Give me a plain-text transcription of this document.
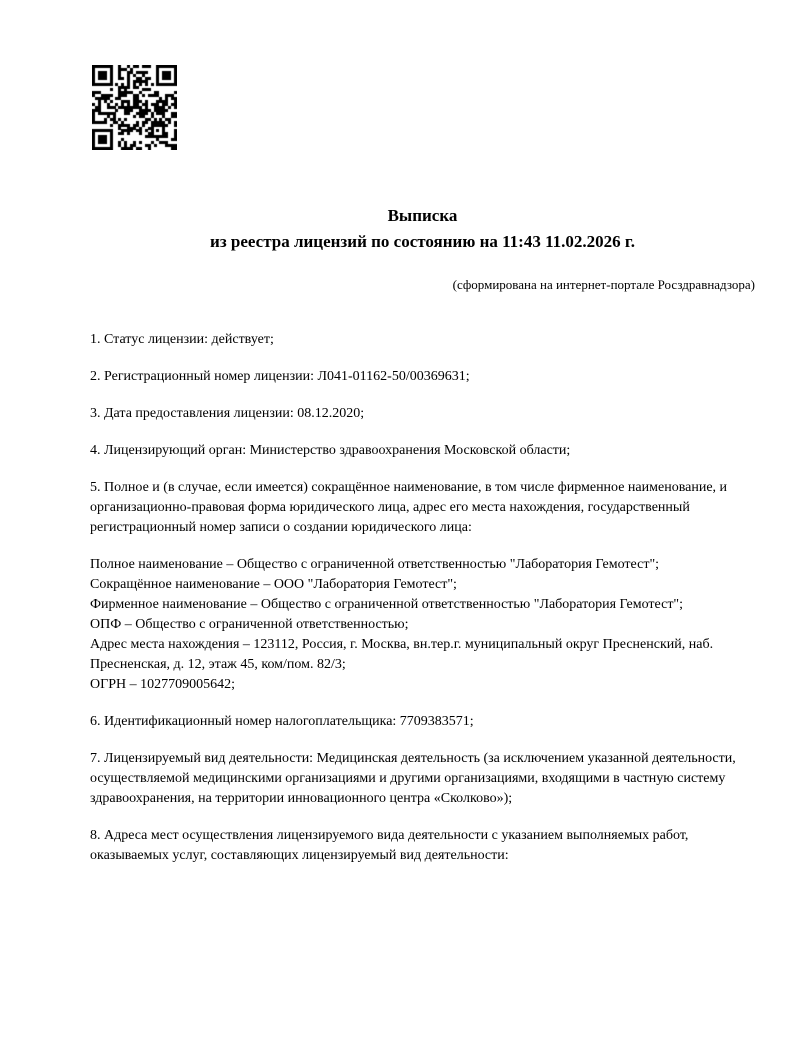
Выписка
из реестра лицензий по состоянию на 11:43 11.02.2026 г.
(сформирована на интернет-портале Росздравнадзора)
1. Статус лицензии: действует;
2. Регистрационный номер лицензии: Л041-01162-50/00369631;
3. Дата предоставления лицензии: 08.12.2020;
4. Лицензирующий орган: Министерство здравоохранения Московской области;
5. Полное и (в случае, если имеется) сокращённое наименование, в том числе фирменное наименование, и организационно-правовая форма юридического лица, адрес его места нахождения, государственный регистрационный номер записи о создании юридического лица:
Полное наименование – Общество с ограниченной ответственностью "Лаборатория Гемотест";
Сокращённое наименование – ООО "Лаборатория Гемотест";
Фирменное наименование – Общество с ограниченной ответственностью "Лаборатория Гемотест";
ОПФ – Общество с ограниченной ответственностью;
Адрес места нахождения – 123112, Россия, г. Москва, вн.тер.г. муниципальный округ Пресненский, наб. Пресненская, д. 12, этаж 45, ком/пом. 82/3;
ОГРН – 1027709005642;
6. Идентификационный номер налогоплательщика: 7709383571;
7. Лицензируемый вид деятельности: Медицинская деятельность (за исключением указанной деятельности, осуществляемой медицинскими организациями и другими организациями, входящими в частную систему здравоохранения, на территории инновационного центра «Сколково»);
8. Адреса мест осуществления лицензируемого вида деятельности с указанием выполняемых работ, оказываемых услуг, составляющих лицензируемый вид деятельности:
